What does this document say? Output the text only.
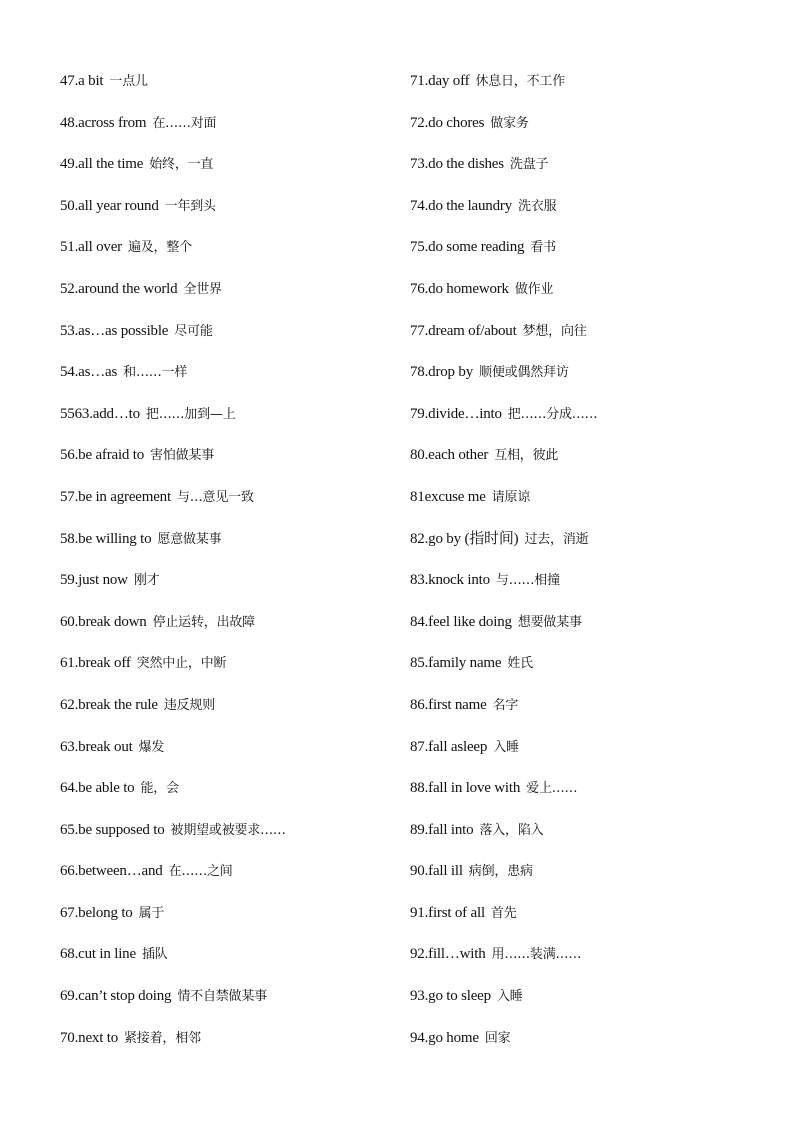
47.a bit 一点儿
48.across from 在……对面
49.all the time 始终，一直
50.all year round 一年到头
51.all over 遍及，整个
52.around the world 全世界
53.as…as possible 尽可能
54.as…as 和……一样
5563.add…to 把……加到—上
56.be afraid to 害怕做某事
57.be in agreement 与…意见一致
58.be willing to 愿意做某事
59.just now 刚才
60.break down 停止运转，出故障
61.break off 突然中止，中断
62.break the rule 违反规则
63.break out 爆发
64.be able to 能，会
65.be supposed to 被期望或被要求……
66.between…and 在……之间
67.belong to 属于
68.cut in line 插队
69.can’t stop doing 情不自禁做某事
70.next to 紧接着，相邻
71.day off 休息日，不工作
72.do chores 做家务
73.do the dishes 洗盘子
74.do the laundry 洗衣服
75.do some reading 看书
76.do homework 做作业
77.dream of/about 梦想，向往
78.drop by 顺便或偶然拜访
79.divide…into 把……分成……
80.each other 互相，彼此
81excuse me 请原谅
82.go by (指时间) 过去，消逝
83.knock into 与……相撞
84.feel like doing 想要做某事
85.family name 姓氏
86.first name 名字
87.fall asleep 入睡
88.fall in love with 爱上……
89.fall into 落入，陷入
90.fall ill 病倒，患病
91.first of all 首先
92.fill…with 用……装满……
93.go to sleep 入睡
94.go home 回家
